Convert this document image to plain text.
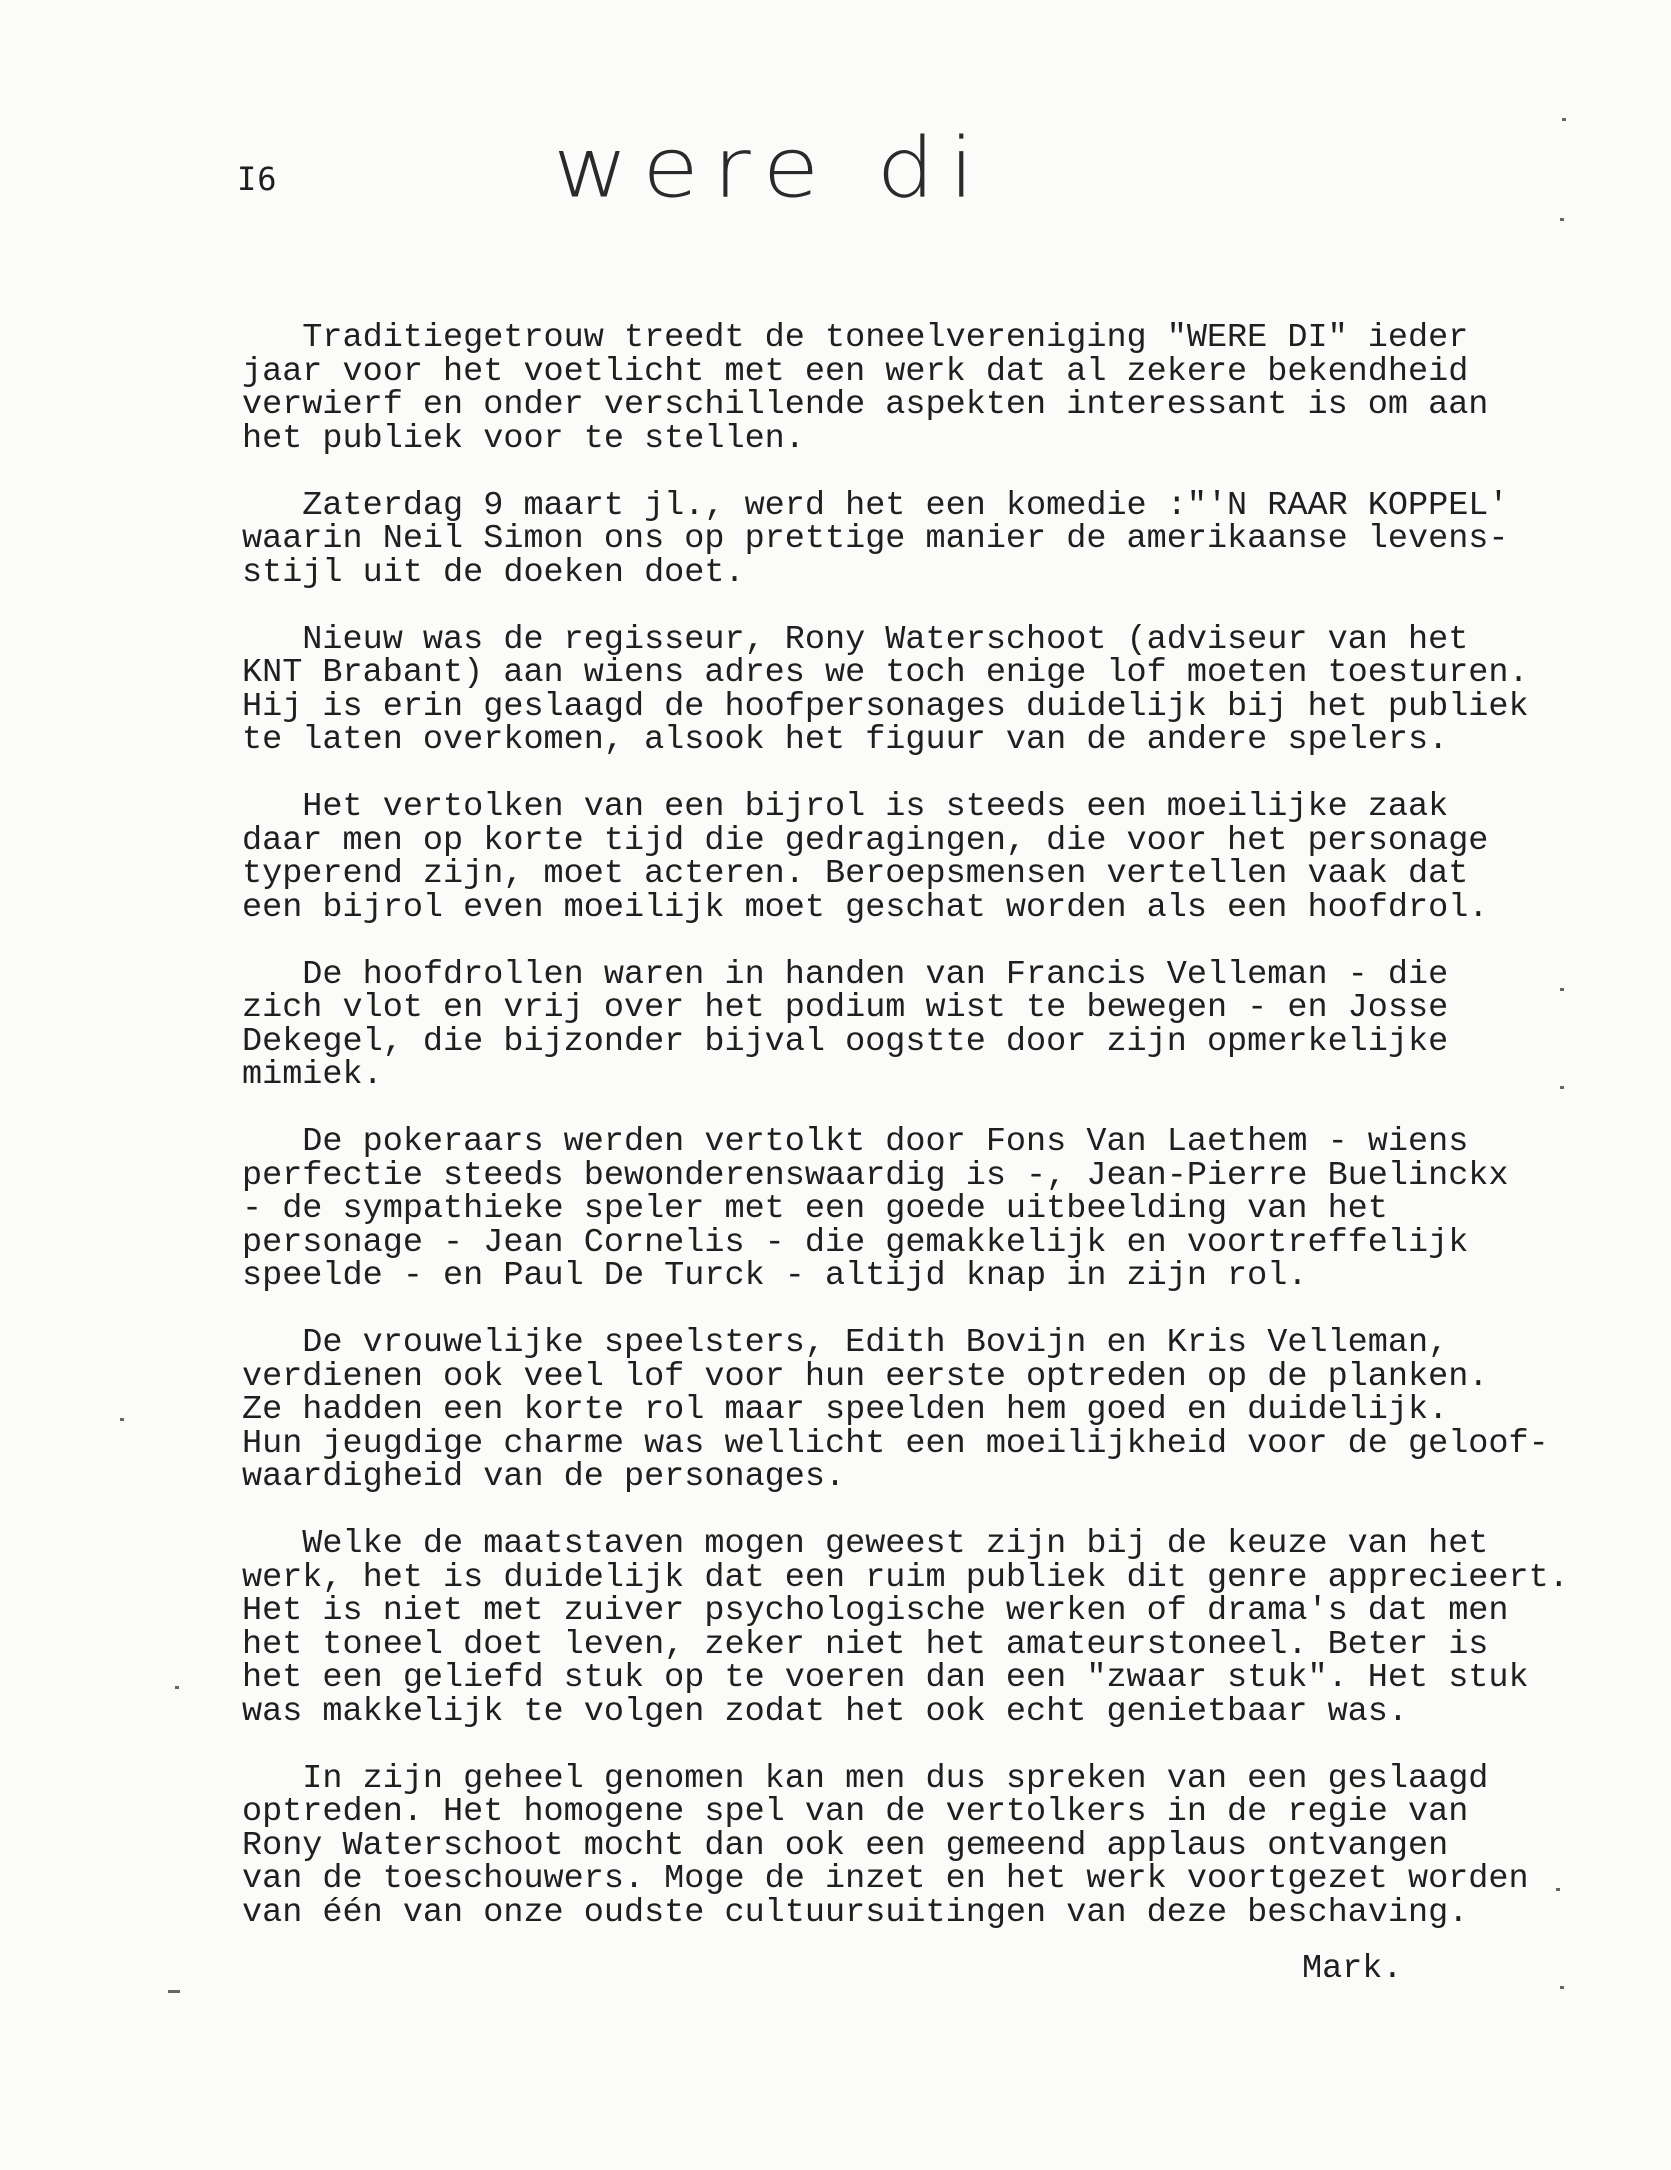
I6	were di

Traditiegetrouw treedt de toneelvereniging "WERE DI" ieder
jaar voor het voetlicht met een werk dat al zekere bekendheid
verwierf en onder verschillende aspekten interessant is om aan
het publiek voor te stellen.

Zaterdag 9 maart jl., werd het een komedie :"'N RAAR KOPPEL'
waarin Neil Simon ons op prettige manier de amerikaanse levens-
stijl uit de doeken doet.

Nieuw was de regisseur, Rony Waterschoot (adviseur van het
KNT Brabant) aan wiens adres we toch enige lof moeten toesturen.
Hij is erin geslaagd de hoofpersonages duidelijk bij het publiek
te laten overkomen, alsook het figuur van de andere spelers.

Het vertolken van een bijrol is steeds een moeilijke zaak
daar men op korte tijd die gedragingen, die voor het personage
typerend zijn, moet acteren. Beroepsmensen vertellen vaak dat
een bijrol even moeilijk moet geschat worden als een hoofdrol.

De hoofdrollen waren in handen van Francis Velleman - die
zich vlot en vrij over het podium wist te bewegen - en Josse
Dekegel, die bijzonder bijval oogstte door zijn opmerkelijke
mimiek.

De pokeraars werden vertolkt door Fons Van Laethem - wiens
perfectie steeds bewonderenswaardig is -, Jean-Pierre Buelinckx
- de sympathieke speler met een goede uitbeelding van het
personage - Jean Cornelis - die gemakkelijk en voortreffelijk
speelde - en Paul De Turck - altijd knap in zijn rol.

De vrouwelijke speelsters, Edith Bovijn en Kris Velleman,
verdienen ook veel lof voor hun eerste optreden op de planken.
Ze hadden een korte rol maar speelden hem goed en duidelijk.
Hun jeugdige charme was wellicht een moeilijkheid voor de geloof-
waardigheid van de personages.

Welke de maatstaven mogen geweest zijn bij de keuze van het
werk, het is duidelijk dat een ruim publiek dit genre apprecieert.
Het is niet met zuiver psychologische werken of drama's dat men
het toneel doet leven, zeker niet het amateurstoneel. Beter is
het een geliefd stuk op te voeren dan een "zwaar stuk". Het stuk
was makkelijk te volgen zodat het ook echt genietbaar was.

In zijn geheel genomen kan men dus spreken van een geslaagd
optreden. Het homogene spel van de vertolkers in de regie van
Rony Waterschoot mocht dan ook een gemeend applaus ontvangen
van de toeschouwers. Moge de inzet en het werk voortgezet worden
van één van onze oudste cultuursuitingen van deze beschaving.

Mark.
